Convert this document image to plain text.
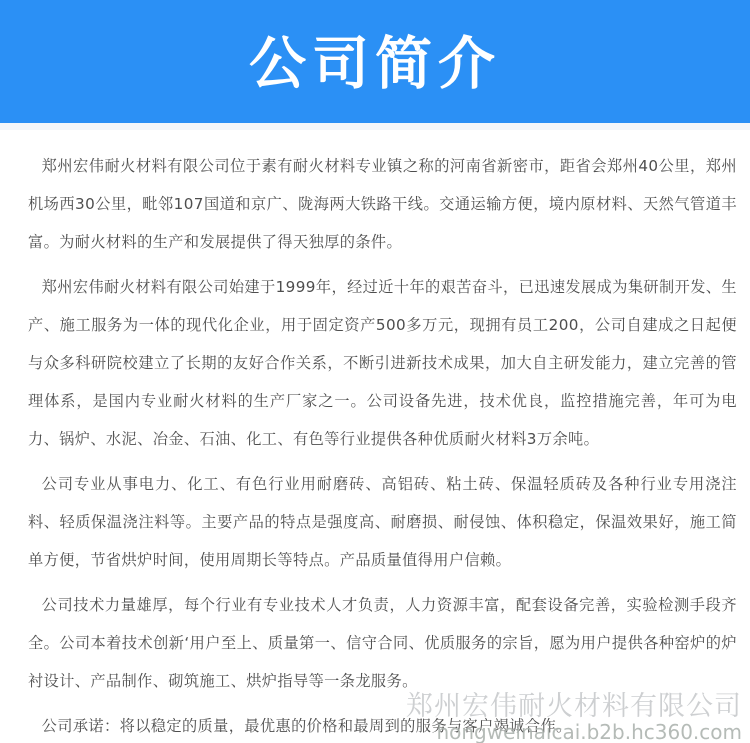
公司简介

郑州宏伟耐火材料有限公司位于素有耐火材料专业镇之称的河南省新密市，距省会郑州40公里，郑州机场西30公里，毗邻107国道和京广、陇海两大铁路干线。交通运输方便，境内原材料、天然气管道丰富。为耐火材料的生产和发展提供了得天独厚的条件。

郑州宏伟耐火材料有限公司始建于1999年，经过近十年的艰苦奋斗，已迅速发展成为集研制开发、生产、施工服务为一体的现代化企业，用于固定资产500多万元，现拥有员工200，公司自建成之日起便与众多科研院校建立了长期的友好合作关系，不断引进新技术成果，加大自主研发能力，建立完善的管理体系，是国内专业耐火材料的生产厂家之一。公司设备先进，技术优良，监控措施完善，年可为电力、锅炉、水泥、冶金、石油、化工、有色等行业提供各种优质耐火材料3万余吨。

公司专业从事电力、化工、有色行业用耐磨砖、高铝砖、粘土砖、保温轻质砖及各种行业专用浇注料、轻质保温浇注料等。主要产品的特点是强度高、耐磨损、耐侵蚀、体积稳定，保温效果好，施工简单方便，节省烘炉时间，使用周期长等特点。产品质量值得用户信赖。

公司技术力量雄厚，每个行业有专业技术人才负责，人力资源丰富，配套设备完善，实验检测手段齐全。公司本着技术创新‘用户至上、质量第一、信守合同、优质服务的宗旨，愿为用户提供各种窑炉的炉衬设计、产品制作、砌筑施工、烘炉指导等一条龙服务。

公司承诺：将以稳定的质量，最优惠的价格和最周到的服务与客户竭诚合作。

郑州宏伟耐火材料有限公司
hongweinaicai.b2b.hc360.com
